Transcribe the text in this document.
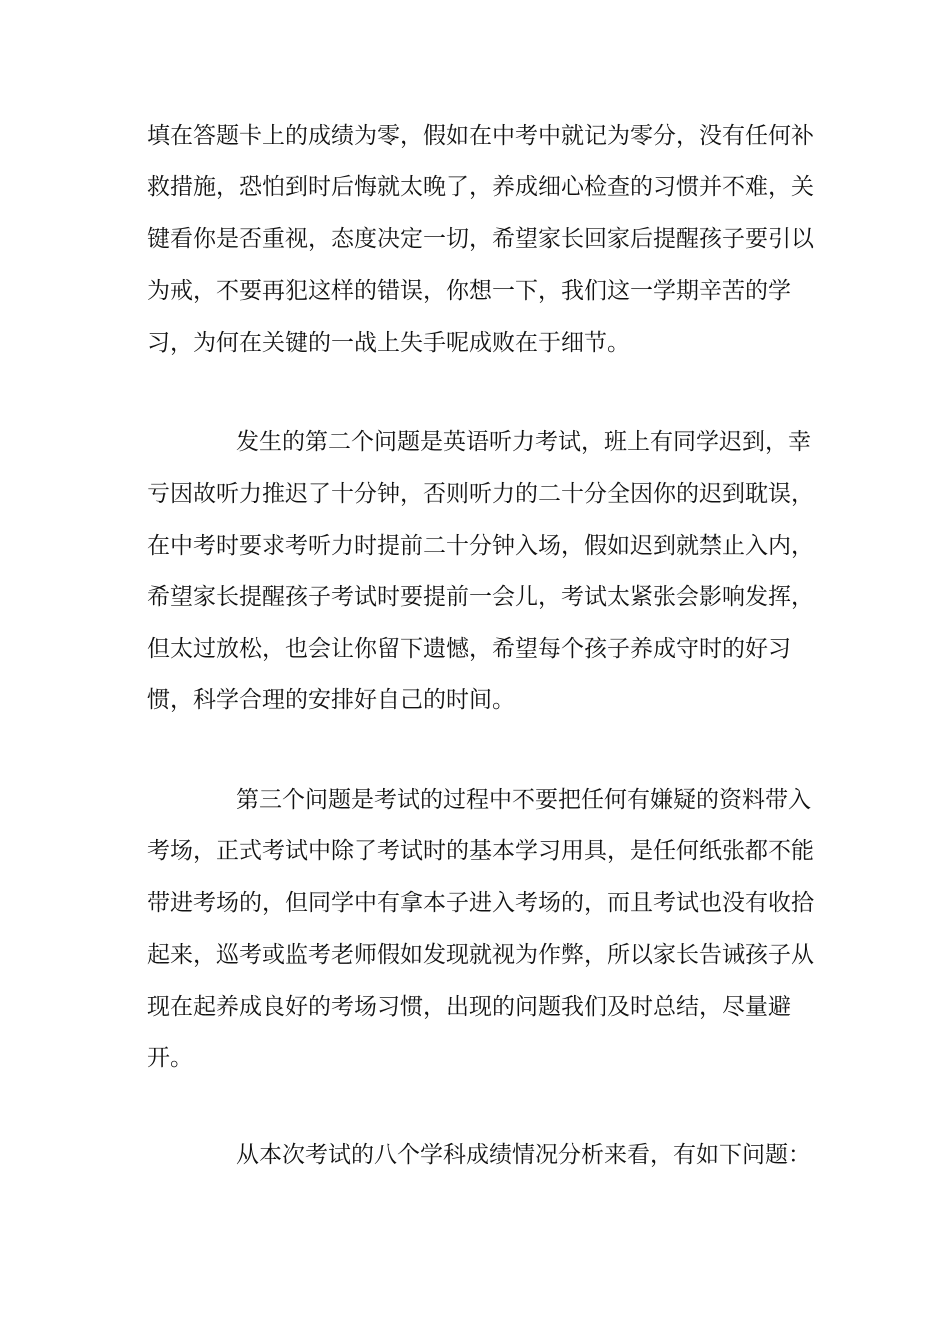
填在答题卡上的成绩为零，假如在中考中就记为零分，没有任何补

救措施，恐怕到时后悔就太晚了，养成细心检查的习惯并不难，关

键看你是否重视，态度决定一切，希望家长回家后提醒孩子要引以

为戒，不要再犯这样的错误，你想一下，我们这一学期辛苦的学

习，为何在关键的一战上失手呢成败在于细节。

发生的第二个问题是英语听力考试，班上有同学迟到，幸

亏因故听力推迟了十分钟，否则听力的二十分全因你的迟到耽误，

在中考时要求考听力时提前二十分钟入场，假如迟到就禁止入内，

希望家长提醒孩子考试时要提前一会儿，考试太紧张会影响发挥，

但太过放松，也会让你留下遗憾，希望每个孩子养成守时的好习

惯，科学合理的安排好自己的时间。

第三个问题是考试的过程中不要把任何有嫌疑的资料带入

考场，正式考试中除了考试时的基本学习用具，是任何纸张都不能

带进考场的，但同学中有拿本子进入考场的，而且考试也没有收拾

起来，巡考或监考老师假如发现就视为作弊，所以家长告诫孩子从

现在起养成良好的考场习惯，出现的问题我们及时总结，尽量避

开。

从本次考试的八个学科成绩情况分析来看，有如下问题：
